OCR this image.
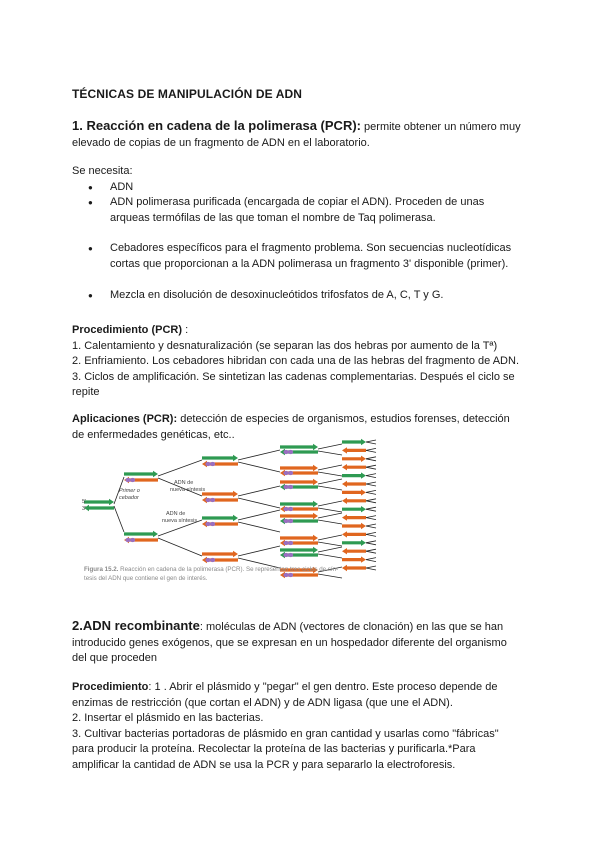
TÉCNICAS DE MANIPULACIÓN DE ADN

1. Reacción en cadena de la polimerasa (PCR): permite obtener un número muy

elevado de copias de un fragmento de ADN en el laboratorio.

Se necesita:

● ADN
● ADN polimerasa purificada (encargada de copiar el ADN). Proceden de unas
arqueas termófilas de las que toman el nombre de Taq polimerasa.
● Cebadores específicos para el fragmento problema. Son secuencias nucleotídicas
cortas que proporcionan a la ADN polimerasa un fragmento 3' disponible (primer).
● Mezcla en disolución de desoxinucleótidos trifosfatos de A, C, T y G.

Procedimiento (PCR) :

1. Calentamiento y desnaturalización (se separan las dos hebras por aumento de la Tª)

2. Enfriamiento. Los cebadores hibridan con cada una de las hebras del fragmento de ADN.

3. Ciclos de amplificación. Se sintetizan las cadenas complementarias. Después el ciclo se

repite

Aplicaciones (PCR): detección de especies de organismos, estudios forenses, detección

de enfermedades genéticas, etc..

5'
3'
Primer o
cebador
ADN de
nueva síntesis
ADN de
nueva síntesis
Figura 15.2. Reacción en cadena de la polimerasa (PCR). Se representan tres ciclos de sín-
tesis del ADN que contiene el gen de interés.

2.ADN recombinante: moléculas de ADN (vectores de clonación) en las que se han

introducido genes exógenos, que se expresan en un hospedador diferente del organismo

del que proceden

Procedimiento: 1 . Abrir el plásmido y "pegar" el gen dentro. Este proceso depende de

enzimas de restricción (que cortan el ADN) y de ADN ligasa (que une el ADN).

2. Insertar el plásmido en las bacterias.

3. Cultivar bacterias portadoras de plásmido en gran cantidad y usarlas como "fábricas"

para producir la proteína. Recolectar la proteína de las bacterias y purificarla.*Para

amplificar la cantidad de ADN se usa la PCR y para separarlo la electroforesis.
